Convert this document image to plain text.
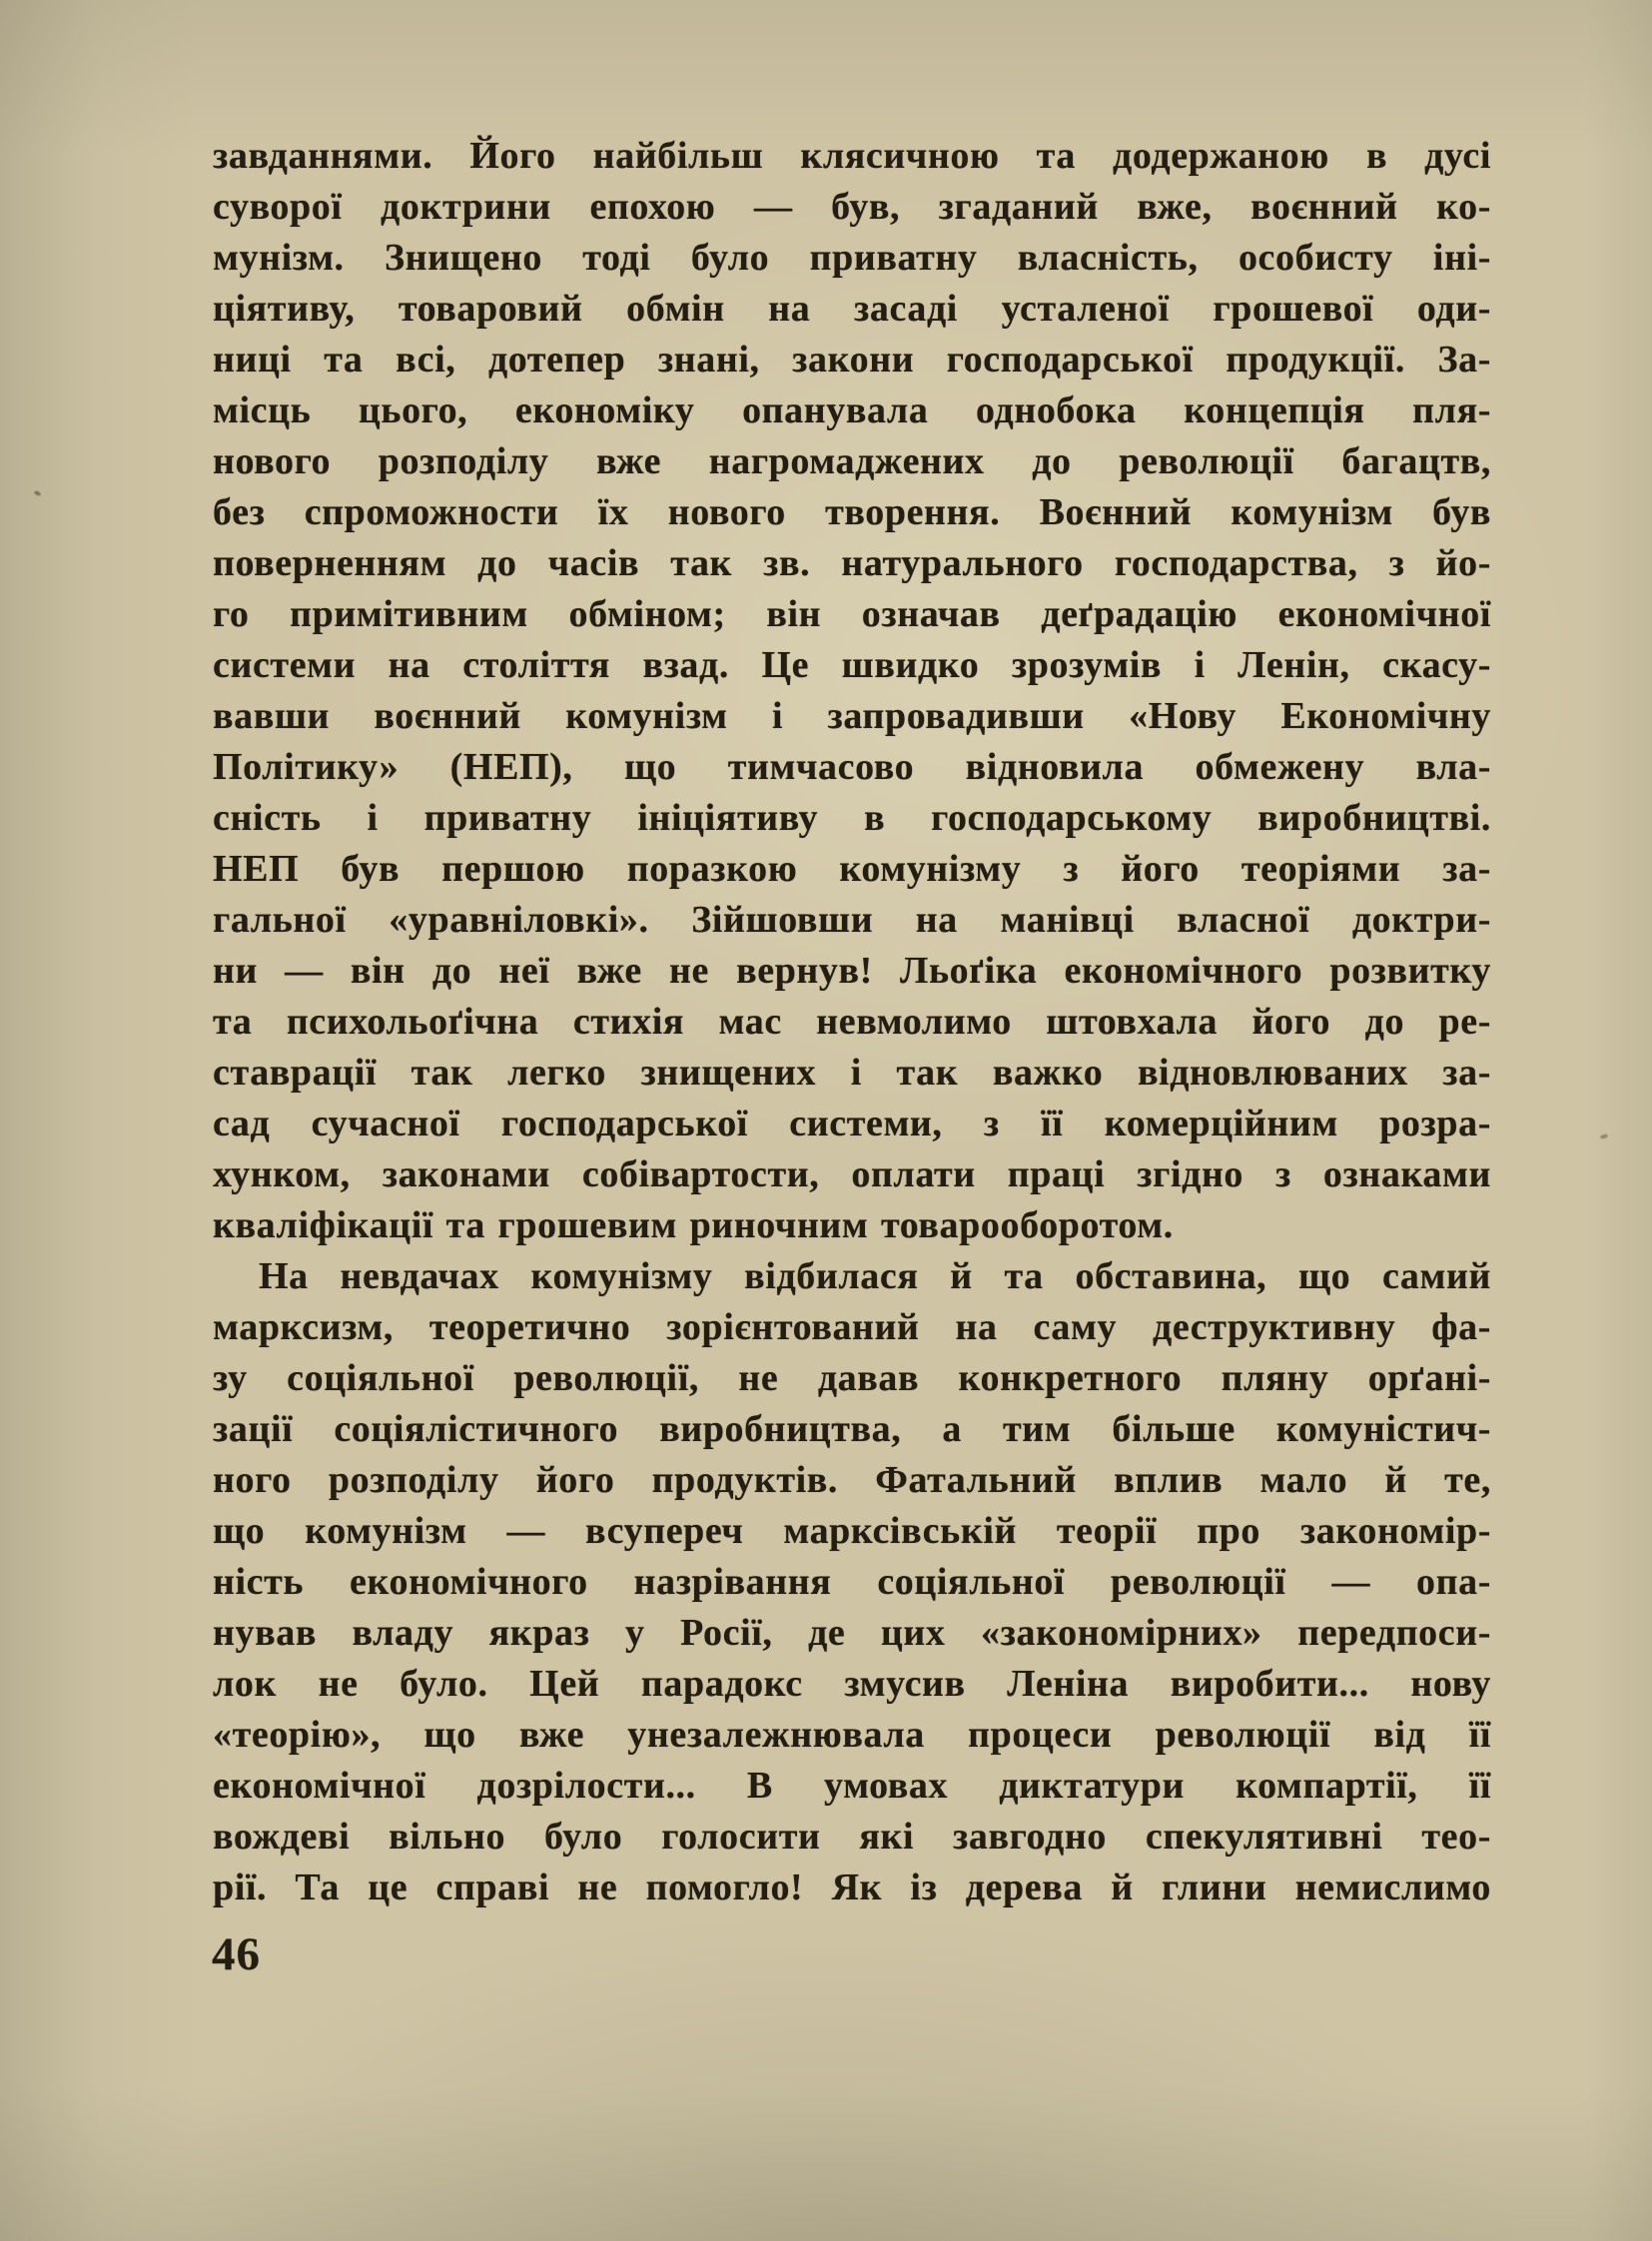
завданнями. Його найбільш клясичною та додержаною в дусі
суворої доктрини епохою — був, згаданий вже, воєнний ко-
мунізм. Знищено тоді було приватну власність, особисту іні-
ціятиву, товаровий обмін на засаді усталеної грошевої оди-
ниці та всі, дотепер знані, закони господарської продукції. За-
місць цього, економіку опанувала однобока концепція пля-
нового розподілу вже нагромаджених до революції багацтв,
без спроможности їх нового творення. Воєнний комунізм був
поверненням до часів так зв. натурального господарства, з йо-
го примітивним обміном; він означав деґрадацію економічної
системи на століття взад. Це швидко зрозумів і Ленін, скасу-
вавши воєнний комунізм і запровадивши «Нову Економічну
Політику» (НЕП), що тимчасово відновила обмежену вла-
сність і приватну ініціятиву в господарському виробництві.
НЕП був першою поразкою комунізму з його теоріями за-
гальної «уравніловкі». Зійшовши на манівці власної доктри-
ни — він до неї вже не вернув! Льоґіка економічного розвитку
та психольоґічна стихія мас невмолимо штовхала його до ре-
ставрації так легко знищених і так важко відновлюваних за-
сад сучасної господарської системи, з її комерційним розра-
хунком, законами собівартости, оплати праці згідно з ознаками
кваліфікації та грошевим риночним товарооборотом.
На невдачах комунізму відбилася й та обставина, що самий
марксизм, теоретично зорієнтований на саму деструктивну фа-
зу соціяльної революції, не давав конкретного пляну орґані-
зації соціялістичного виробництва, а тим більше комуністич-
ного розподілу його продуктів. Фатальний вплив мало й те,
що комунізм — всупереч марксівській теорії про закономір-
ність економічного назрівання соціяльної революції — опа-
нував владу якраз у Росії, де цих «закономірних» передпоси-
лок не було. Цей парадокс змусив Леніна виробити... нову
«теорію», що вже унезалежнювала процеси революції від її
економічної дозрілости... В умовах диктатури компартії, її
вождеві вільно було голосити які завгодно спекулятивні тео-
рії. Та це справі не помогло! Як із дерева й глини немислимо
46
